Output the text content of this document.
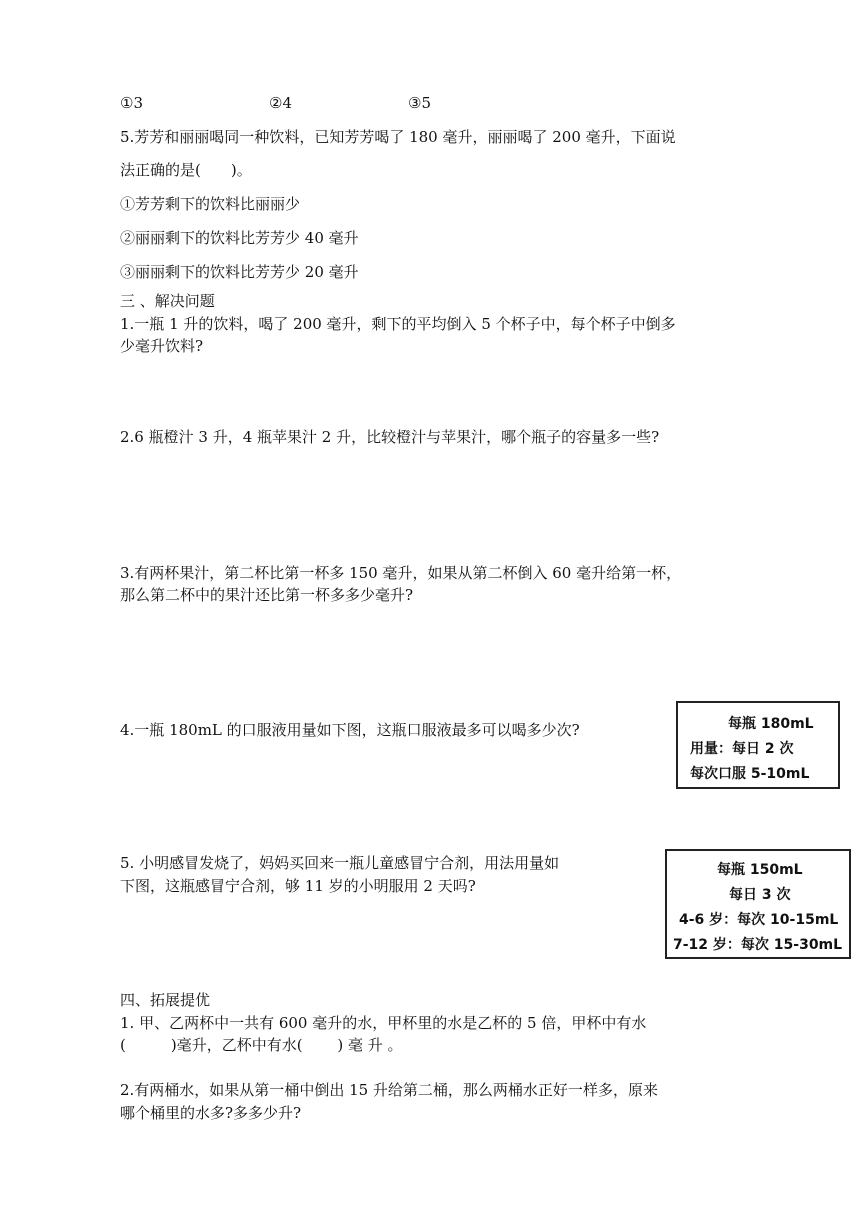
①3	②4	③5
5.芳芳和丽丽喝同一种饮料，已知芳芳喝了 180 毫升，丽丽喝了 200 毫升，下面说
法正确的是(　　)。
①芳芳剩下的饮料比丽丽少
②丽丽剩下的饮料比芳芳少 40 毫升
③丽丽剩下的饮料比芳芳少 20 毫升
三 、解决问题
1.一瓶 1 升的饮料，喝了 200 毫升，剩下的平均倒入 5 个杯子中，每个杯子中倒多
少毫升饮料?
2.6 瓶橙汁 3 升，4 瓶苹果汁 2 升，比较橙汁与苹果汁，哪个瓶子的容量多一些?
3.有两杯果汁，第二杯比第一杯多 150 毫升，如果从第二杯倒入 60 毫升给第一杯，
那么第二杯中的果汁还比第一杯多多少毫升?
4.一瓶 180mL 的口服液用量如下图，这瓶口服液最多可以喝多少次?	每瓶 180mL
用量：每日 2 次
每次口服 5-10mL
5. 小明感冒发烧了，妈妈买回来一瓶儿童感冒宁合剂，用法用量如
下图，这瓶感冒宁合剂，够 11 岁的小明服用 2 天吗?
每瓶 150mL
每日 3 次
4-6 岁：每次 10-15mL
7-12 岁：每次 15-30mL
四、拓展提优
1. 甲、乙两杯中一共有 600 毫升的水，甲杯里的水是乙杯的 5 倍，甲杯中有水
(　　　)毫升，乙杯中有水(　　 ) 毫 升 。
2.有两桶水，如果从第一桶中倒出 15 升给第二桶，那么两桶水正好一样多，原来
哪个桶里的水多?多多少升?
